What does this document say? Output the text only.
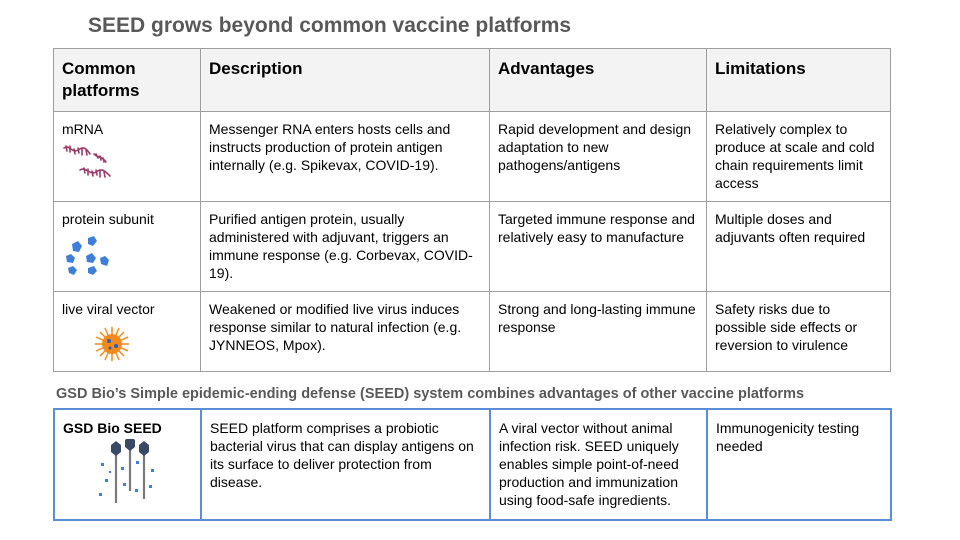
SEED grows beyond common vaccine platforms
Common platforms	Description	Advantages	Limitations

mRNA	Messenger RNA enters hosts cells and instructs production of protein antigen internally (e.g. Spikevax, COVID-19).	Rapid development and design adaptation to new pathogens/antigens	Relatively complex to produce at scale and cold chain requirements limit access

protein subunit	Purified antigen protein, usually administered with adjuvant, triggers an immune response (e.g. Corbevax, COVID-19).	Targeted immune response and relatively easy to manufacture	Multiple doses and adjuvants often required

live viral vector	Weakened or modified live virus induces response similar to natural infection (e.g. JYNNEOS, Mpox).	Strong and long-lasting immune response	Safety risks due to possible side effects or reversion to virulence
GSD Bio’s Simple epidemic-ending defense (SEED) system combines advantages of other vaccine platforms
GSD Bio SEED	SEED platform comprises a probiotic bacterial virus that can display antigens on its surface to deliver protection from disease.	A viral vector without animal infection risk. SEED uniquely enables simple point-of-need production and immunization using food-safe ingredients.	Immunogenicity testing needed
